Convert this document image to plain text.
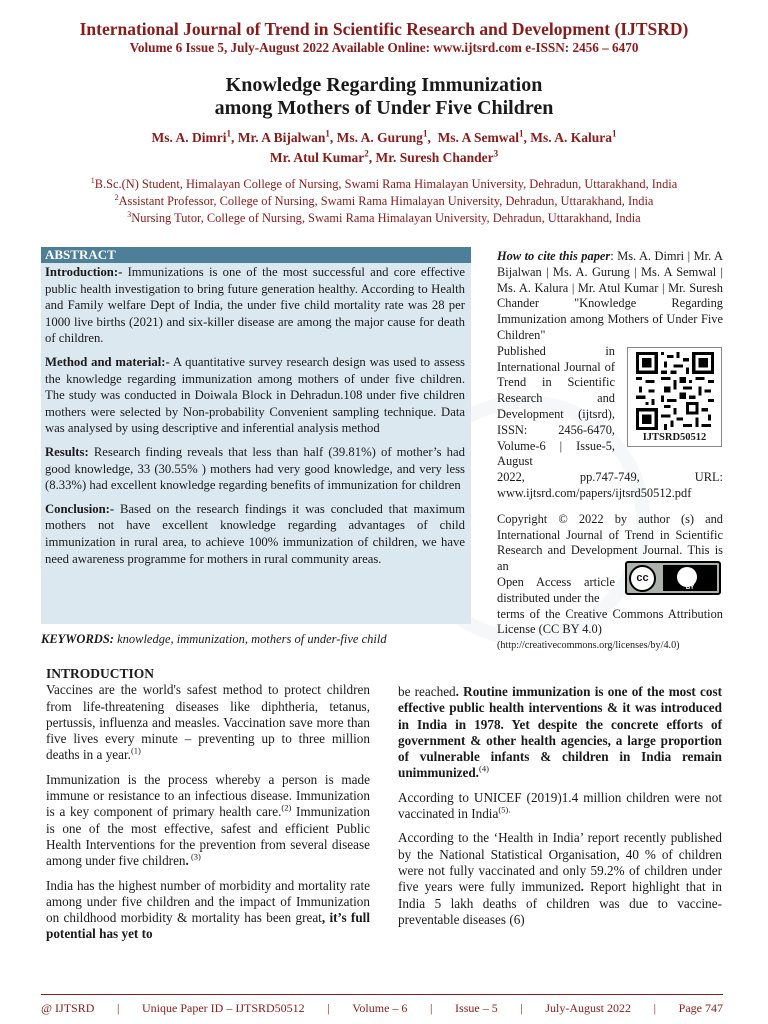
International Journal of Trend in Scientific Research and Development (IJTSRD)
Volume 6 Issue 5, July-August 2022 Available Online: www.ijtsrd.com e-ISSN: 2456 – 6470
Knowledge Regarding Immunization
among Mothers of Under Five Children
Ms. A. Dimri$^1$, Mr. A Bijalwan$^1$, Ms. A. Gurung$^1$,  Ms. A Semwal$^1$, Ms. A. Kalura$^1$
Mr. Atul Kumar$^2$, Mr. Suresh Chander$^3$
$^1$B.Sc.(N) Student, Himalayan College of Nursing, Swami Rama Himalayan University, Dehradun, Uttarakhand, India
$^2$Assistant Professor, College of Nursing, Swami Rama Himalayan University, Dehradun, Uttarakhand, India
$^3$Nursing Tutor, College of Nursing, Swami Rama Himalayan University, Dehradun, Uttarakhand, India
ABSTRACT

Introduction:- Immunizations is one of the most successful and core effective public health investigation to bring future generation healthy. According to Health and Family welfare Dept of India, the under five child mortality rate was 28 per 1000 live births (2021) and six-killer disease are among the major cause for death of children.

Method and material:- A quantitative survey research design was used to assess the knowledge regarding immunization among mothers of under five children. The study was conducted in Doiwala Block in Dehradun.108 under five children mothers were selected by Non-probability Convenient sampling technique. Data was analysed by using descriptive and inferential analysis method

Results: Research finding reveals that less than half (39.81%) of mother’s had good knowledge, 33 (30.55% ) mothers had very good knowledge, and very less (8.33%) had excellent knowledge regarding benefits of immunization for children

Conclusion:- Based on the research findings it was concluded that maximum mothers not have excellent knowledge regarding advantages of child immunization in rural area, to achieve 100% immunization of children, we have need awareness programme for mothers in rural community areas.

KEYWORDS: knowledge, immunization, mothers of under-five child
How to cite this paper: Ms. A. Dimri | Mr. A Bijalwan | Ms. A. Gurung | Ms. A Semwal | Ms. A. Kalura | Mr. Atul Kumar | Mr. Suresh Chander "Knowledge Regarding Immunization among Mothers of Under Five Children"
Published in International Journal of Trend in Scientific Research and Development (ijtsrd), ISSN: 2456-6470, Volume-6 | Issue-5, August
2022, pp.747-749, URL: www.ijtsrd.com/papers/ijtsrd50512.pdf
Copyright © 2022 by author (s) and International Journal of Trend in Scientific Research and Development Journal. This is an
Open Access article distributed under the
terms of the Creative Commons Attribution License (CC BY 4.0)
(http://creativecommons.org/licenses/by/4.0)
IJTSRD50512
cc
BY

INTRODUCTION

Vaccines are the world's safest method to protect children from life-threatening diseases like diphtheria, tetanus, pertussis, influenza and measles. Vaccination save more than five lives every minute – preventing up to three million deaths in a year.$^{(1)}$

Immunization is the process whereby a person is made immune or resistance to an infectious disease. Immunization is a key component of primary health care.$^{(2)}$ Immunization is one of the most effective, safest and efficient Public Health Interventions for the prevention from several disease among under five children. $^{(3)}$

India has the highest number of morbidity and mortality rate among under five children and the impact of Immunization on childhood morbidity & mortality has been great, it’s full potential has yet to

be reached. Routine immunization is one of the most cost effective public health interventions & it was introduced in India in 1978. Yet despite the concrete efforts of government & other health agencies, a large proportion of vulnerable infants & children in India remain unimmunized.$^{(4)}$

According to UNICEF (2019)1.4 million children were not vaccinated in India$^{(5).}$

According to the ‘Health in India’ report recently published by the National Statistical Organisation, 40 % of children were not fully vaccinated and only 59.2% of children under five years were fully immunized. Report highlight that in India 5 lakh deaths of children was due to vaccine-preventable diseases (6)

@ IJTSRD | Unique Paper ID – IJTSRD50512 | Volume – 6 | Issue – 5 | July-August 2022 | Page 747
